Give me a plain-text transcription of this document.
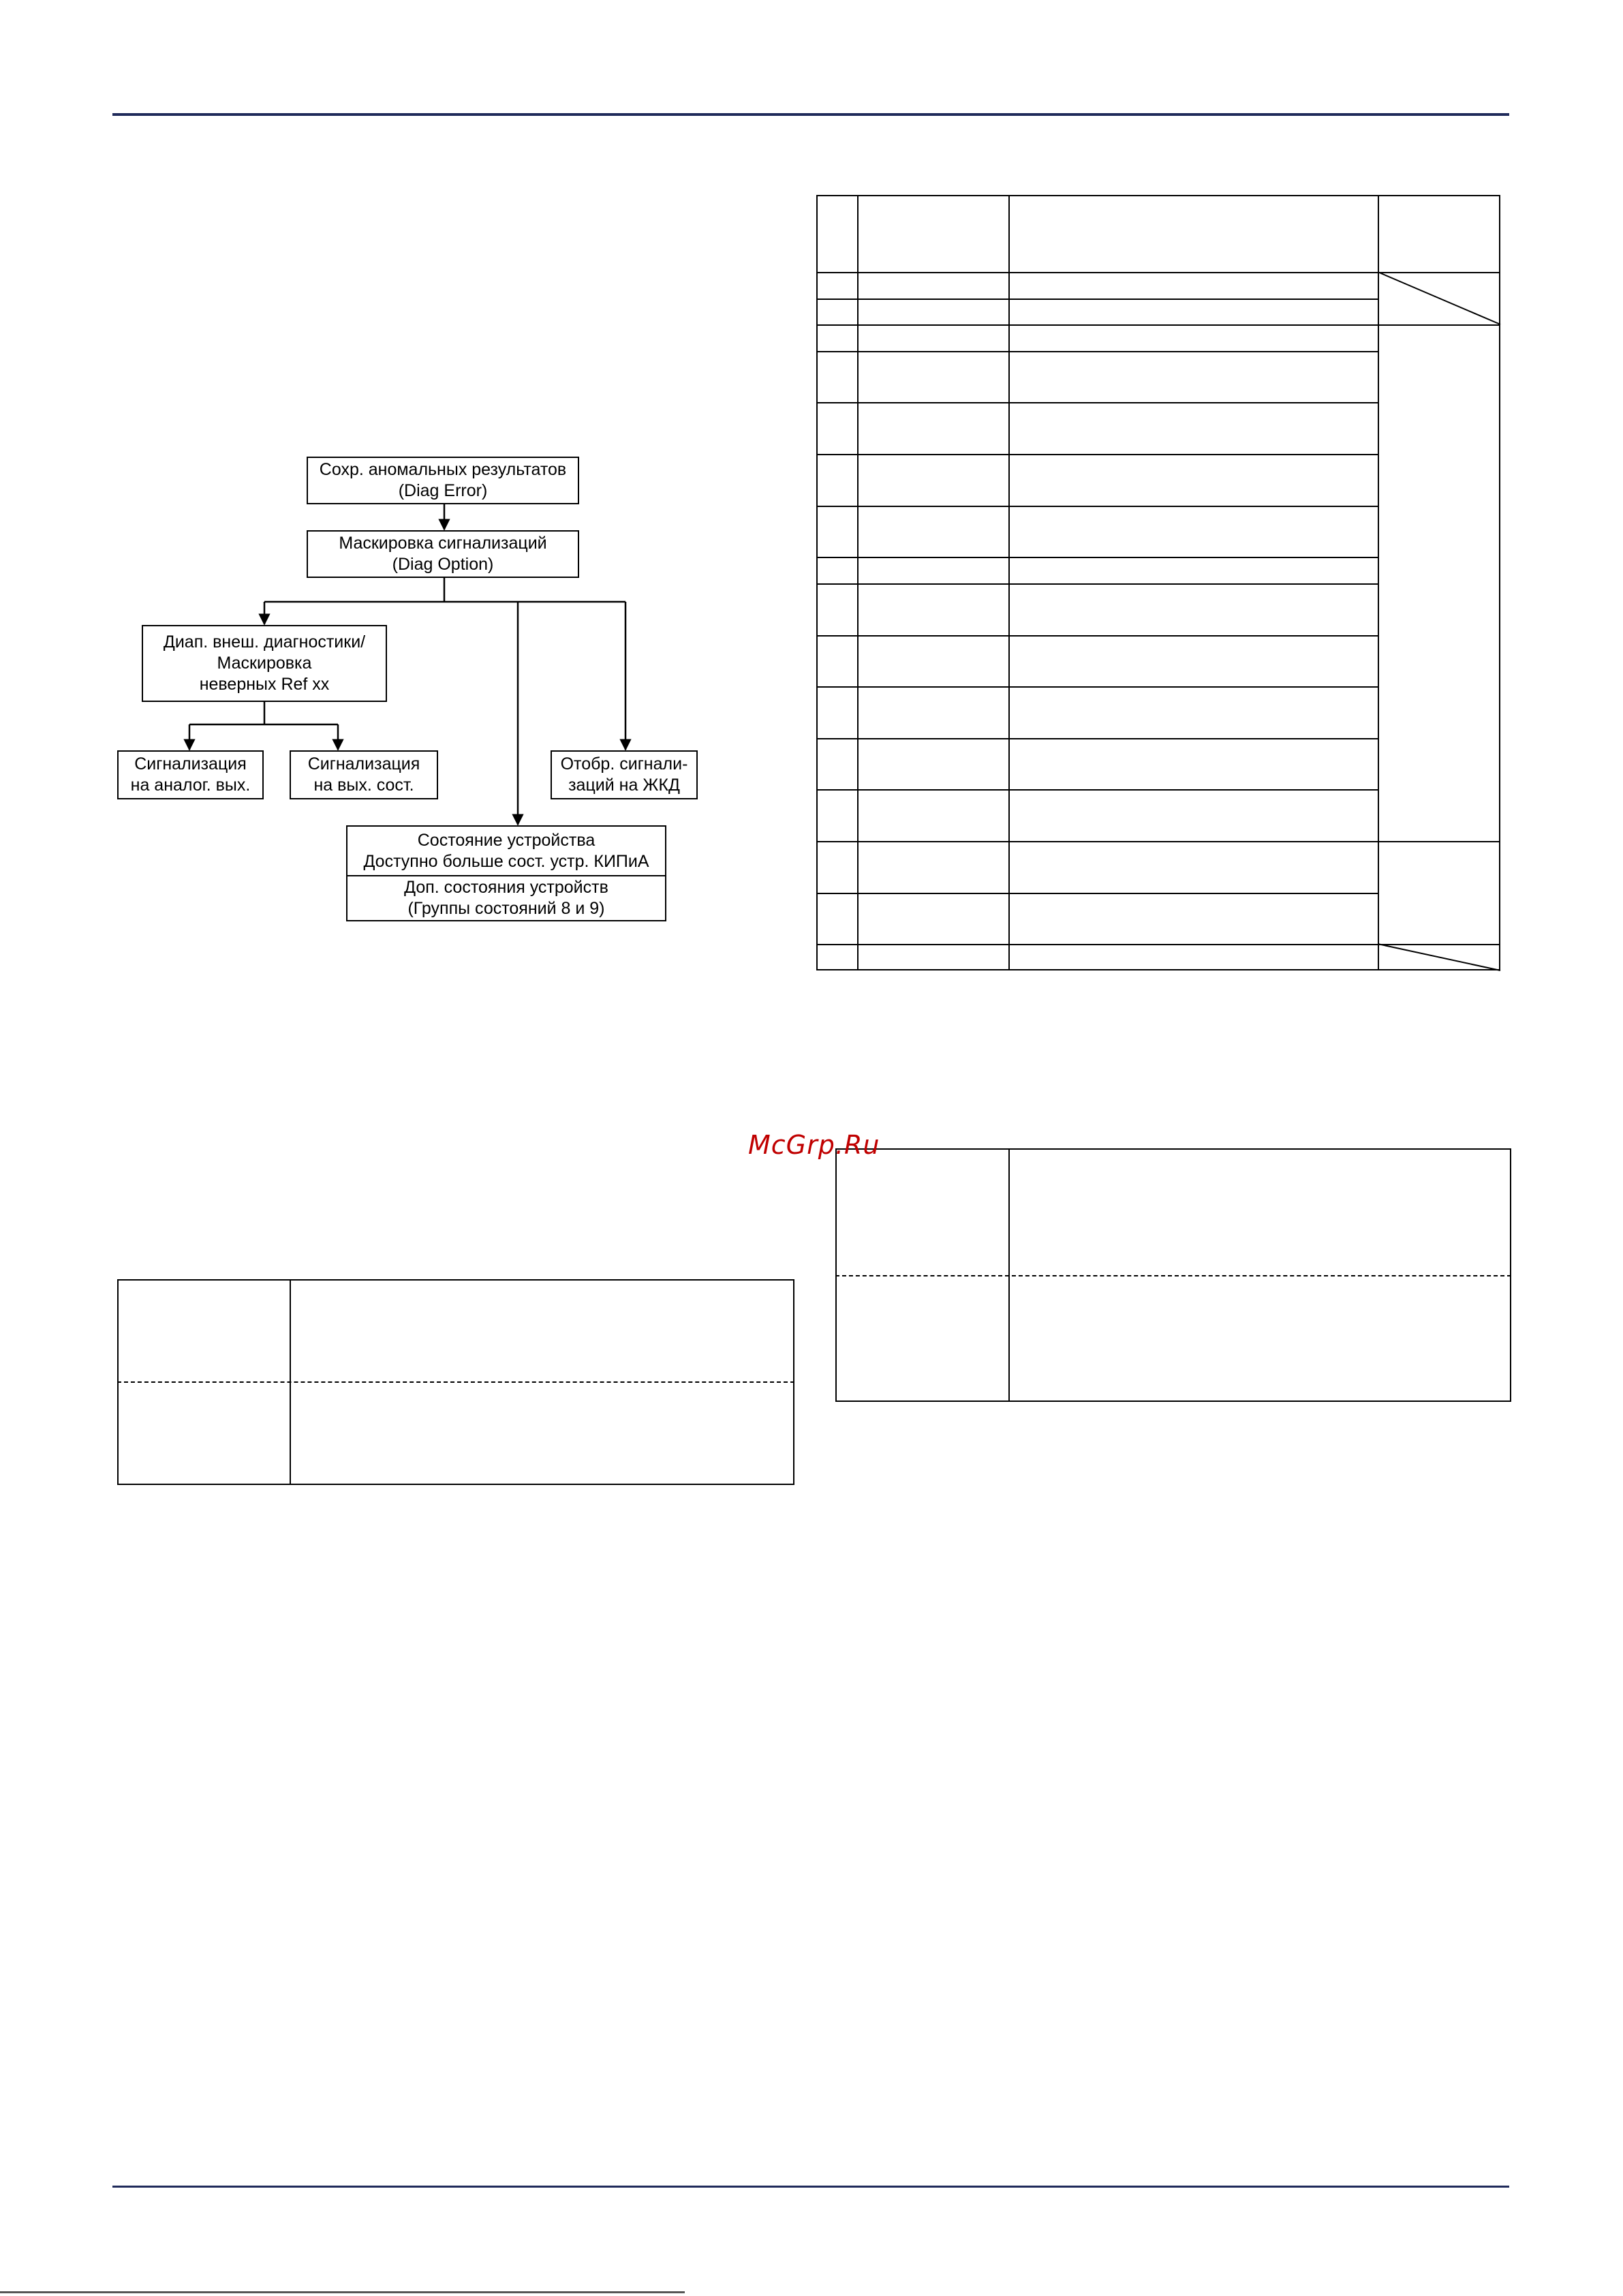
Сохр. аномальных результатов
(Diag Error)
Маскировка сигнализаций
(Diag Option)
Диап. внеш. диагностики/
Маскировка
неверных Ref xx
Сигнализация
на аналог. вых.
Сигнализация
на вых. сост.
Отобр. сигнали-
заций на ЖКД
Состояние устройства
Доступно больше сост. устр. КИПиА
Доп. состояния устройств
(Группы состояний 8 и 9)
McGrp.Ru
